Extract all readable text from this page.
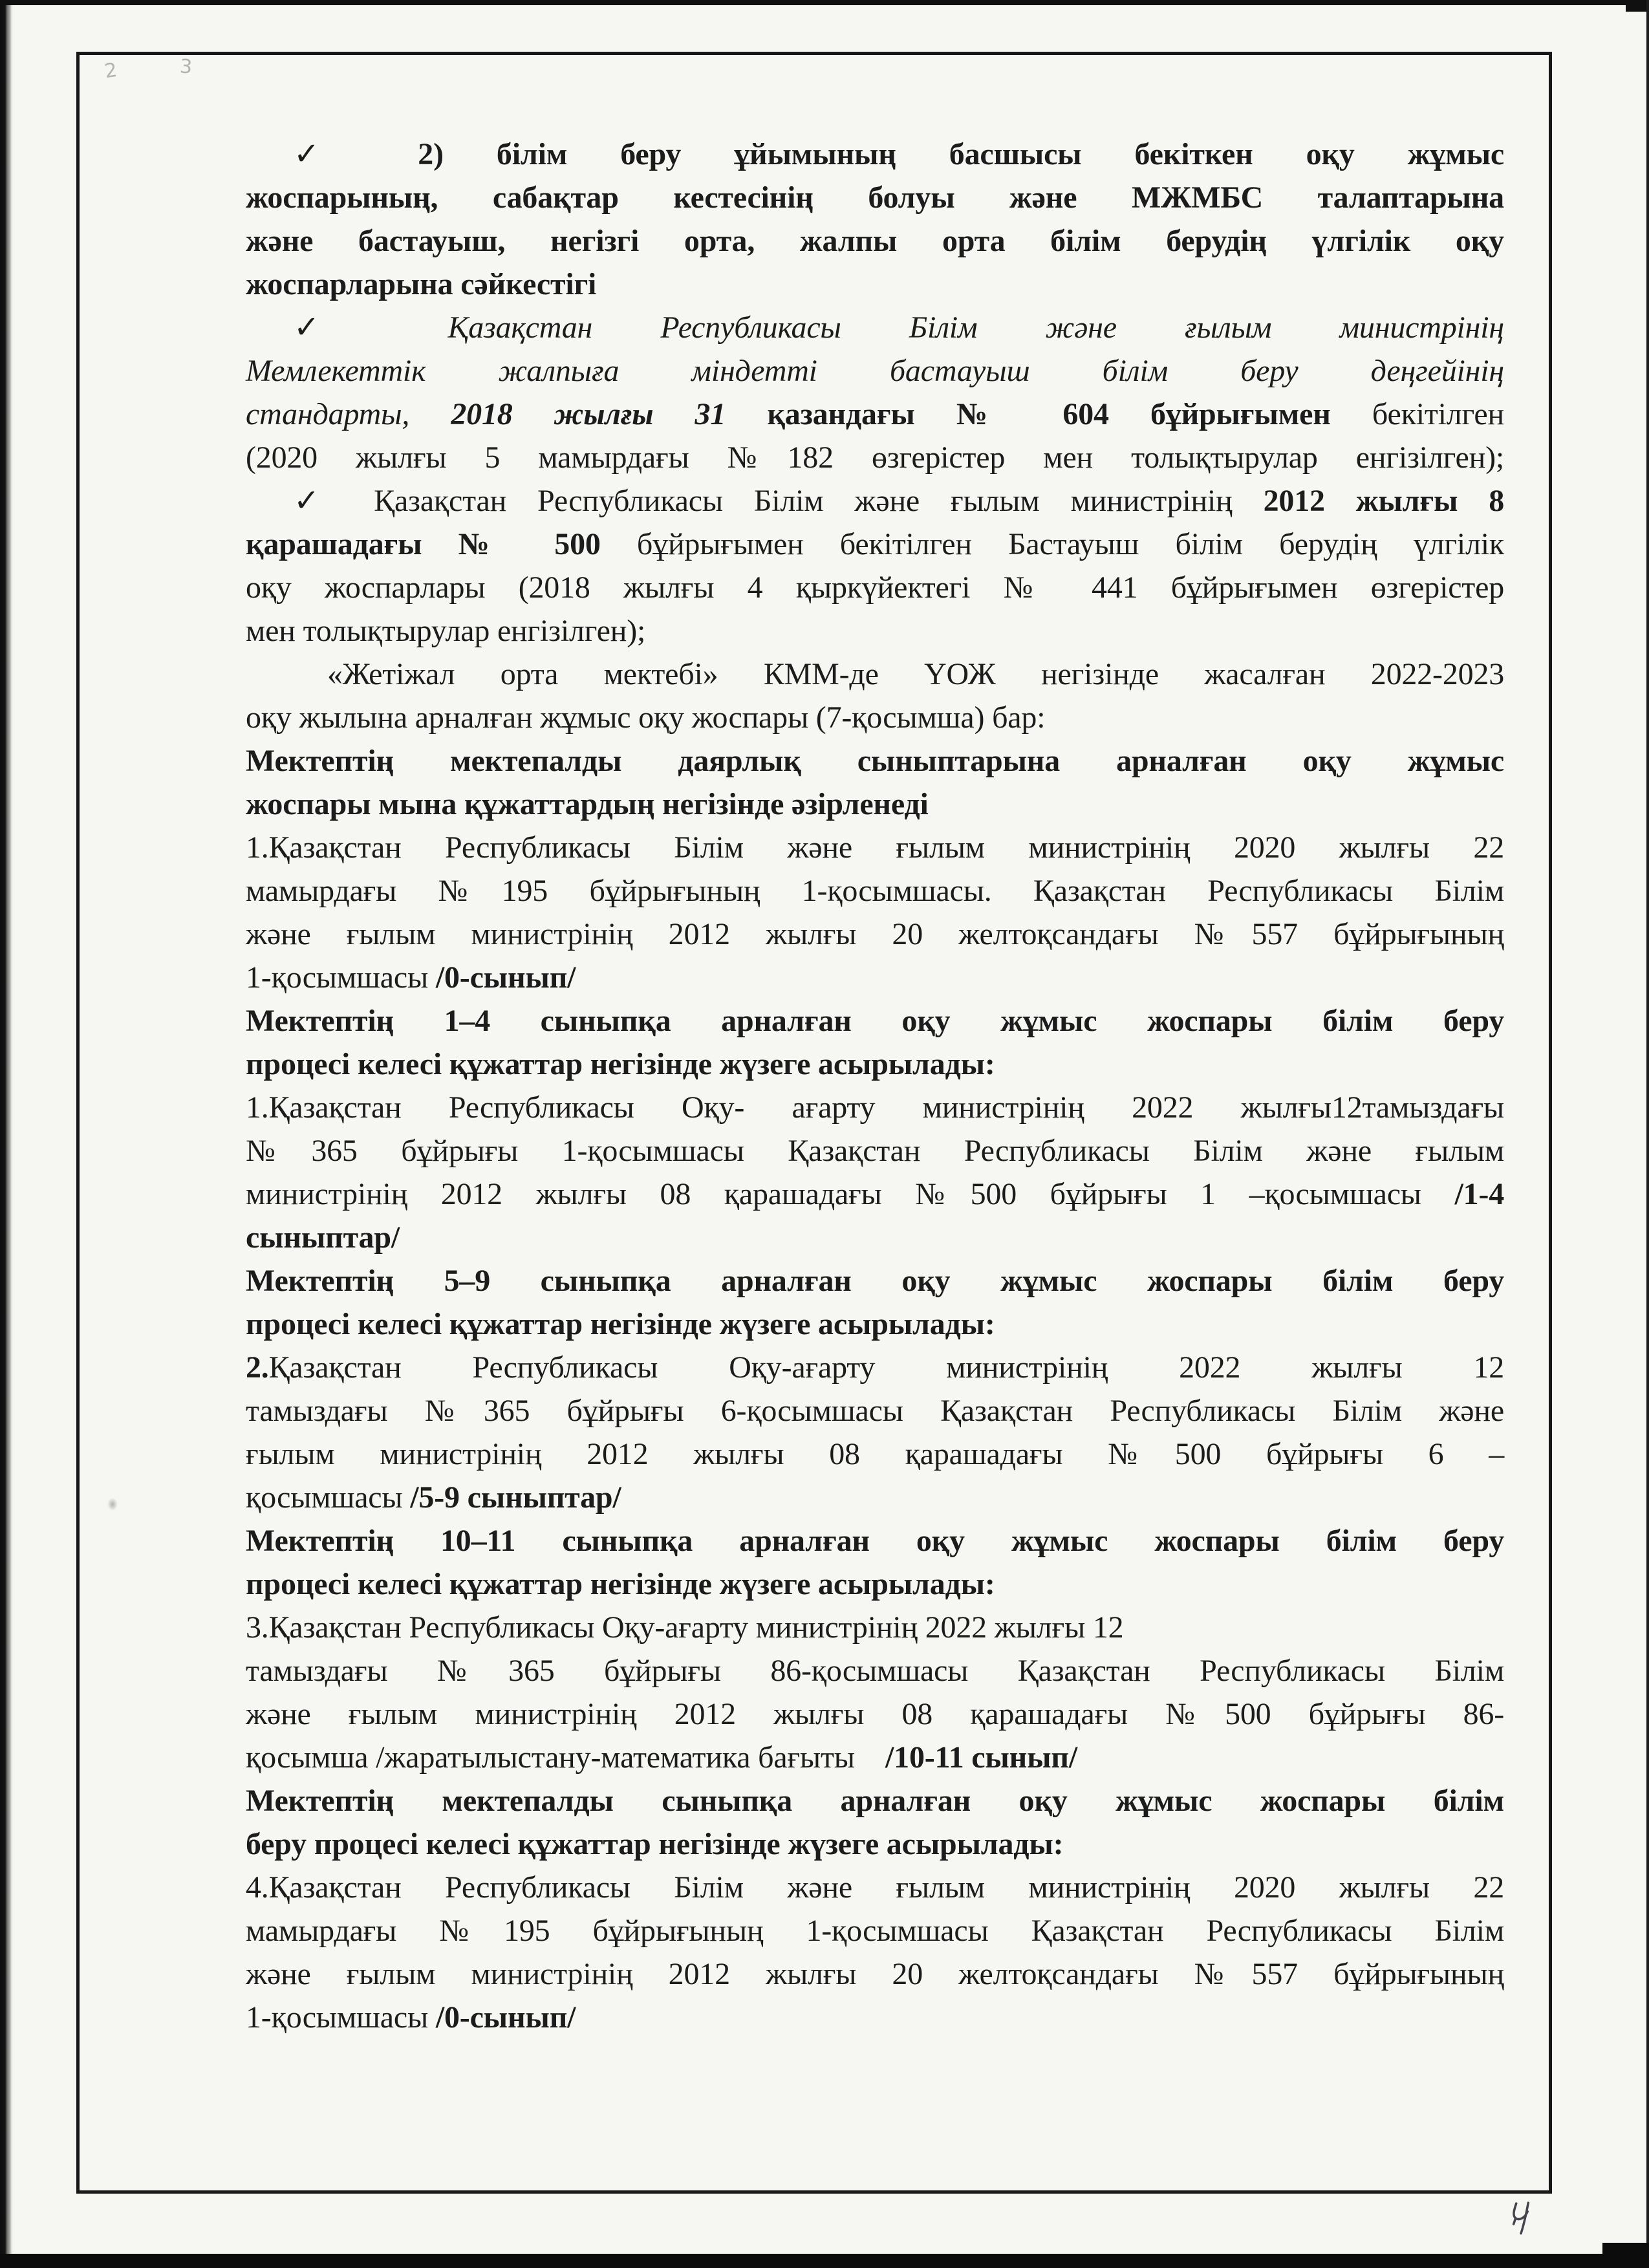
2	3
✓ 2) білім беру ұйымының басшысы бекіткен оқу жұмыс
жоспарының, сабақтар кестесінің болуы және МЖМБС талаптарына
және бастауыш, негізгі орта, жалпы орта білім берудің үлгілік оқу
жоспарларына сәйкестігі
✓ Қазақстан Республикасы Білім және ғылым министрінің
Мемлекеттік жалпыға міндетті бастауыш білім беру деңгейінің
стандарты, 2018 жылғы 31 қазандағы № 604 бұйрығымен бекітілген
(2020 жылғы 5 мамырдағы №182 өзгерістер мен толықтырулар енгізілген);
✓ Қазақстан Республикасы Білім және ғылым министрінің 2012 жылғы 8
қарашадағы № 500 бұйрығымен бекітілген Бастауыш білім берудің үлгілік
оқу жоспарлары (2018 жылғы 4 қыркүйектегі № 441 бұйрығымен өзгерістер
мен толықтырулар енгізілген);
«Жетіжал орта мектебі» КММ-де ҮОЖ негізінде жасалған 2022-2023
оқу жылына арналған жұмыс оқу жоспары (7-қосымша) бар:
Мектептің мектепалды даярлық сыныптарына арналған оқу жұмыс
жоспары мына құжаттардың негізінде әзірленеді
1.Қазақстан Республикасы Білім және ғылым министрінің 2020 жылғы 22
мамырдағы №195 бұйрығының 1-қосымшасы. Қазақстан Республикасы Білім
және ғылым министрінің 2012 жылғы 20 желтоқсандағы №557 бұйрығының
1-қосымшасы /0-сынып/
Мектептің 1–4 сыныпқа арналған оқу жұмыс жоспары білім беру
процесі келесі құжаттар негізінде жүзеге асырылады:
1.Қазақстан Республикасы Оқу- ағарту министрінің 2022 жылғы12тамыздағы
№365 бұйрығы 1-қосымшасы Қазақстан Республикасы Білім және ғылым
министрінің 2012 жылғы 08 қарашадағы №500 бұйрығы 1 –қосымшасы /1-4
сыныптар/
Мектептің 5–9 сыныпқа арналған оқу жұмыс жоспары білім беру
процесі келесі құжаттар негізінде жүзеге асырылады:
2.Қазақстан Республикасы Оқу-ағарту министрінің 2022 жылғы 12
тамыздағы №365 бұйрығы 6-қосымшасы Қазақстан Республикасы Білім және
ғылым министрінің 2012 жылғы 08 қарашадағы №500 бұйрығы 6 –
қосымшасы /5-9 сыныптар/
Мектептің 10–11 сыныпқа арналған оқу жұмыс жоспары білім беру
процесі келесі құжаттар негізінде жүзеге асырылады:
3.Қазақстан Республикасы Оқу-ағарту министрінің 2022 жылғы 12
тамыздағы №365 бұйрығы 86-қосымшасы Қазақстан Республикасы Білім
және ғылым министрінің 2012 жылғы 08 қарашадағы №500 бұйрығы 86-
қосымша /жаратылыстану-математика бағыты    /10-11 сынып/
Мектептің мектепалды сыныпқа арналған оқу жұмыс жоспары білім
беру процесі келесі құжаттар негізінде жүзеге асырылады:
4.Қазақстан Республикасы Білім және ғылым министрінің 2020 жылғы 22
мамырдағы №195 бұйрығының 1-қосымшасы Қазақстан Республикасы Білім
және ғылым министрінің 2012 жылғы 20 желтоқсандағы №557 бұйрығының
1-қосымшасы /0-сынып/
